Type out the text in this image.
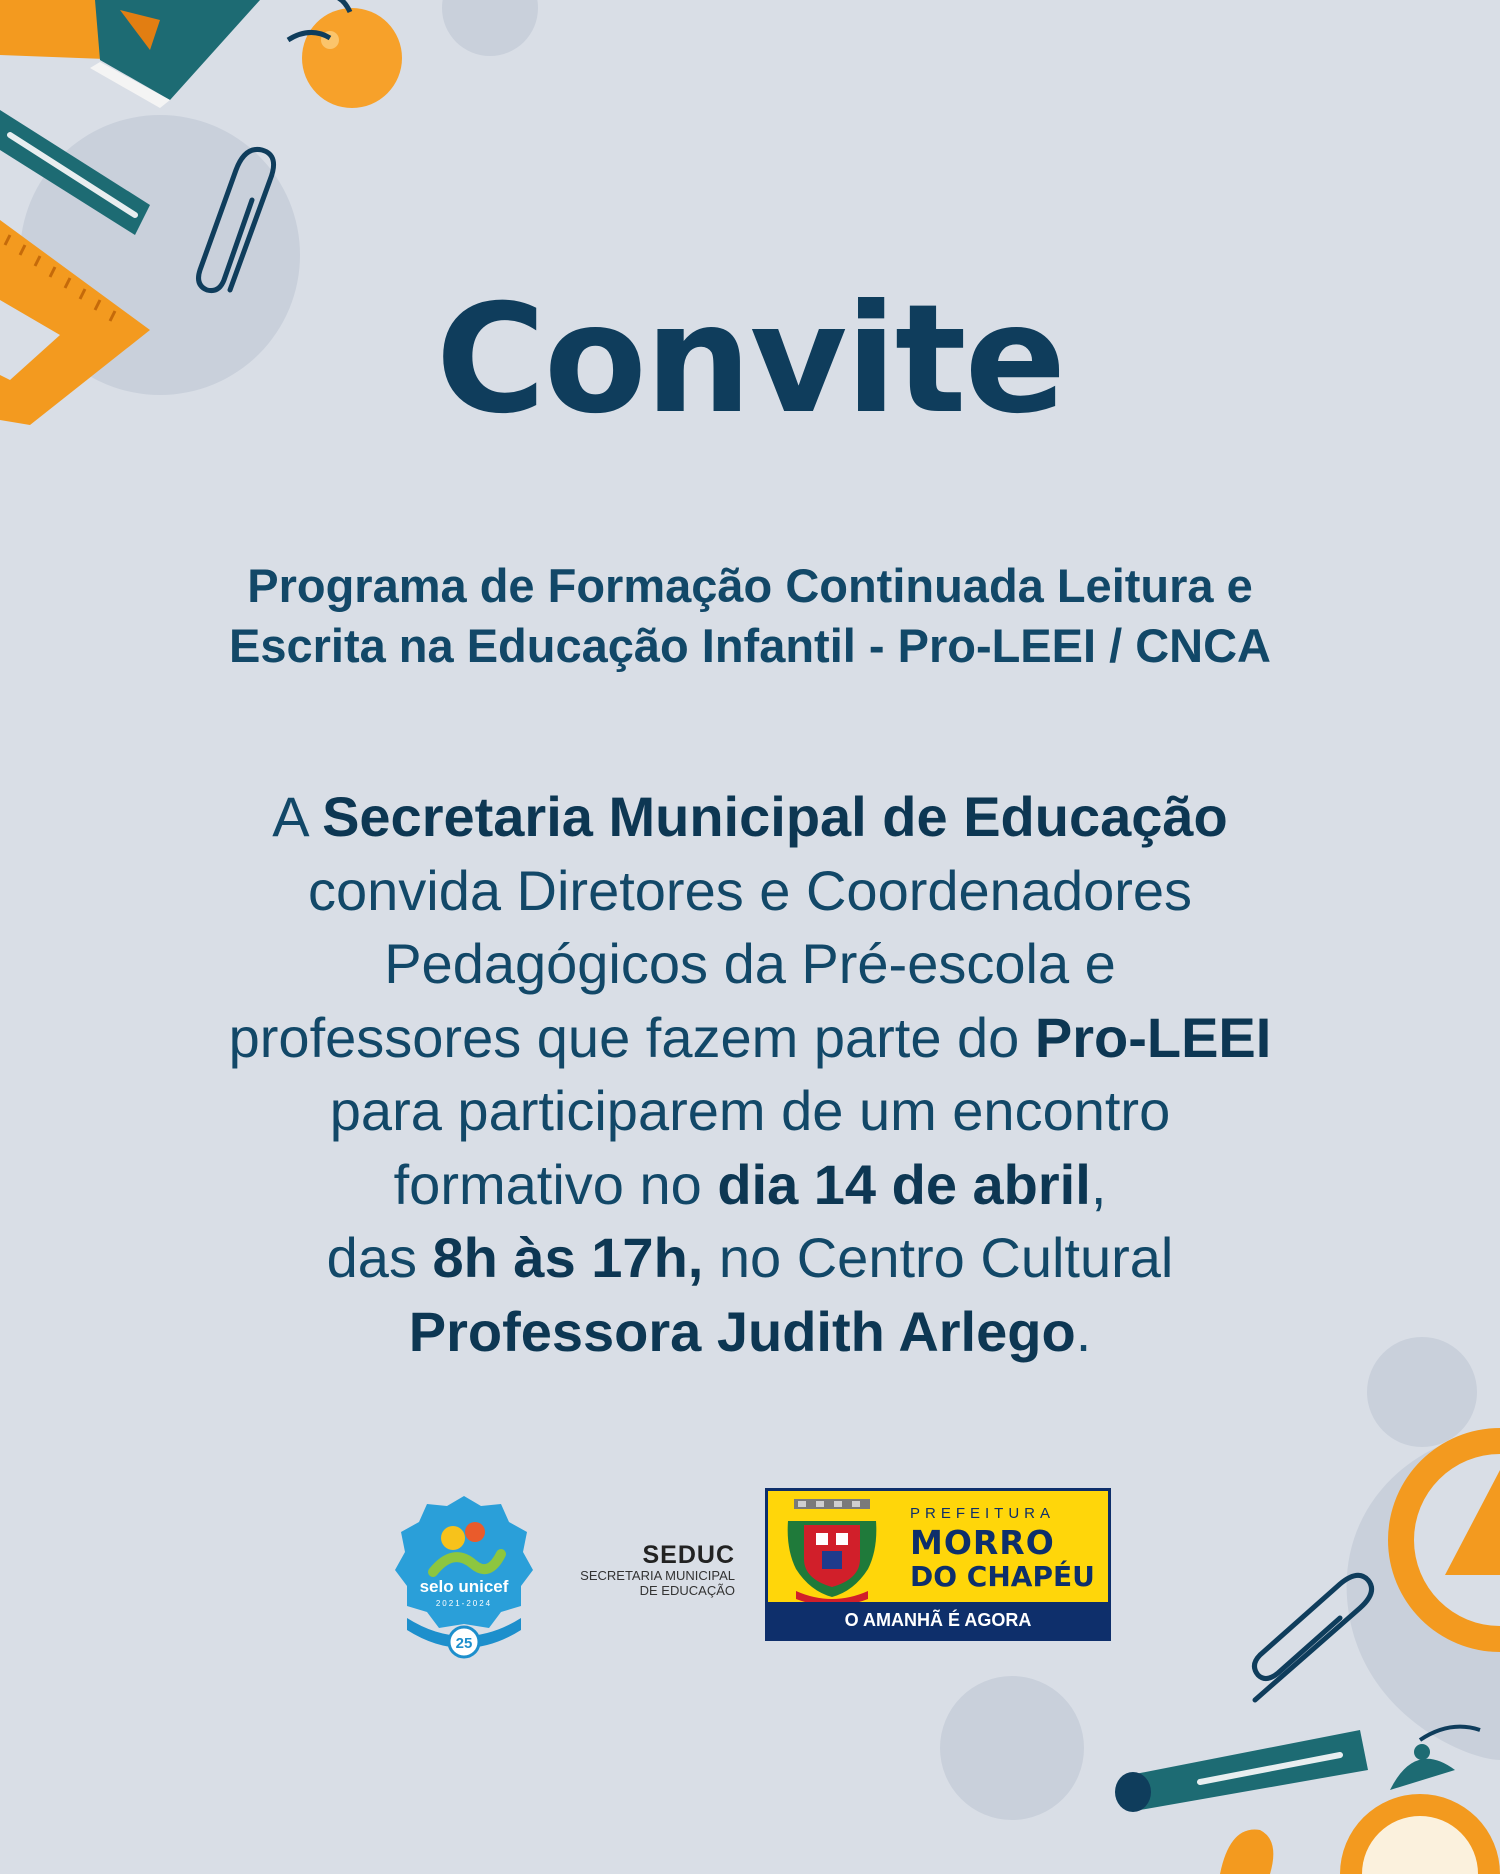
Convite
Programa de Formação Continuada Leitura e
Escrita na Educação Infantil - Pro-LEEI / CNCA
A Secretaria Municipal de Educação
convida Diretores e Coordenadores
Pedagógicos da Pré-escola e
professores que fazem parte do Pro-LEEI
para participarem de um encontro
formativo no dia 14 de abril,
das 8h às 17h, no Centro Cultural
Professora Judith Arlego.
selo unicef
2021-2024
25
SEDUC
SECRETARIA MUNICIPAL
DE EDUCAÇÃO
PREFEITURA
MORRO
DO CHAPÉU
O AMANHÃ É AGORA
